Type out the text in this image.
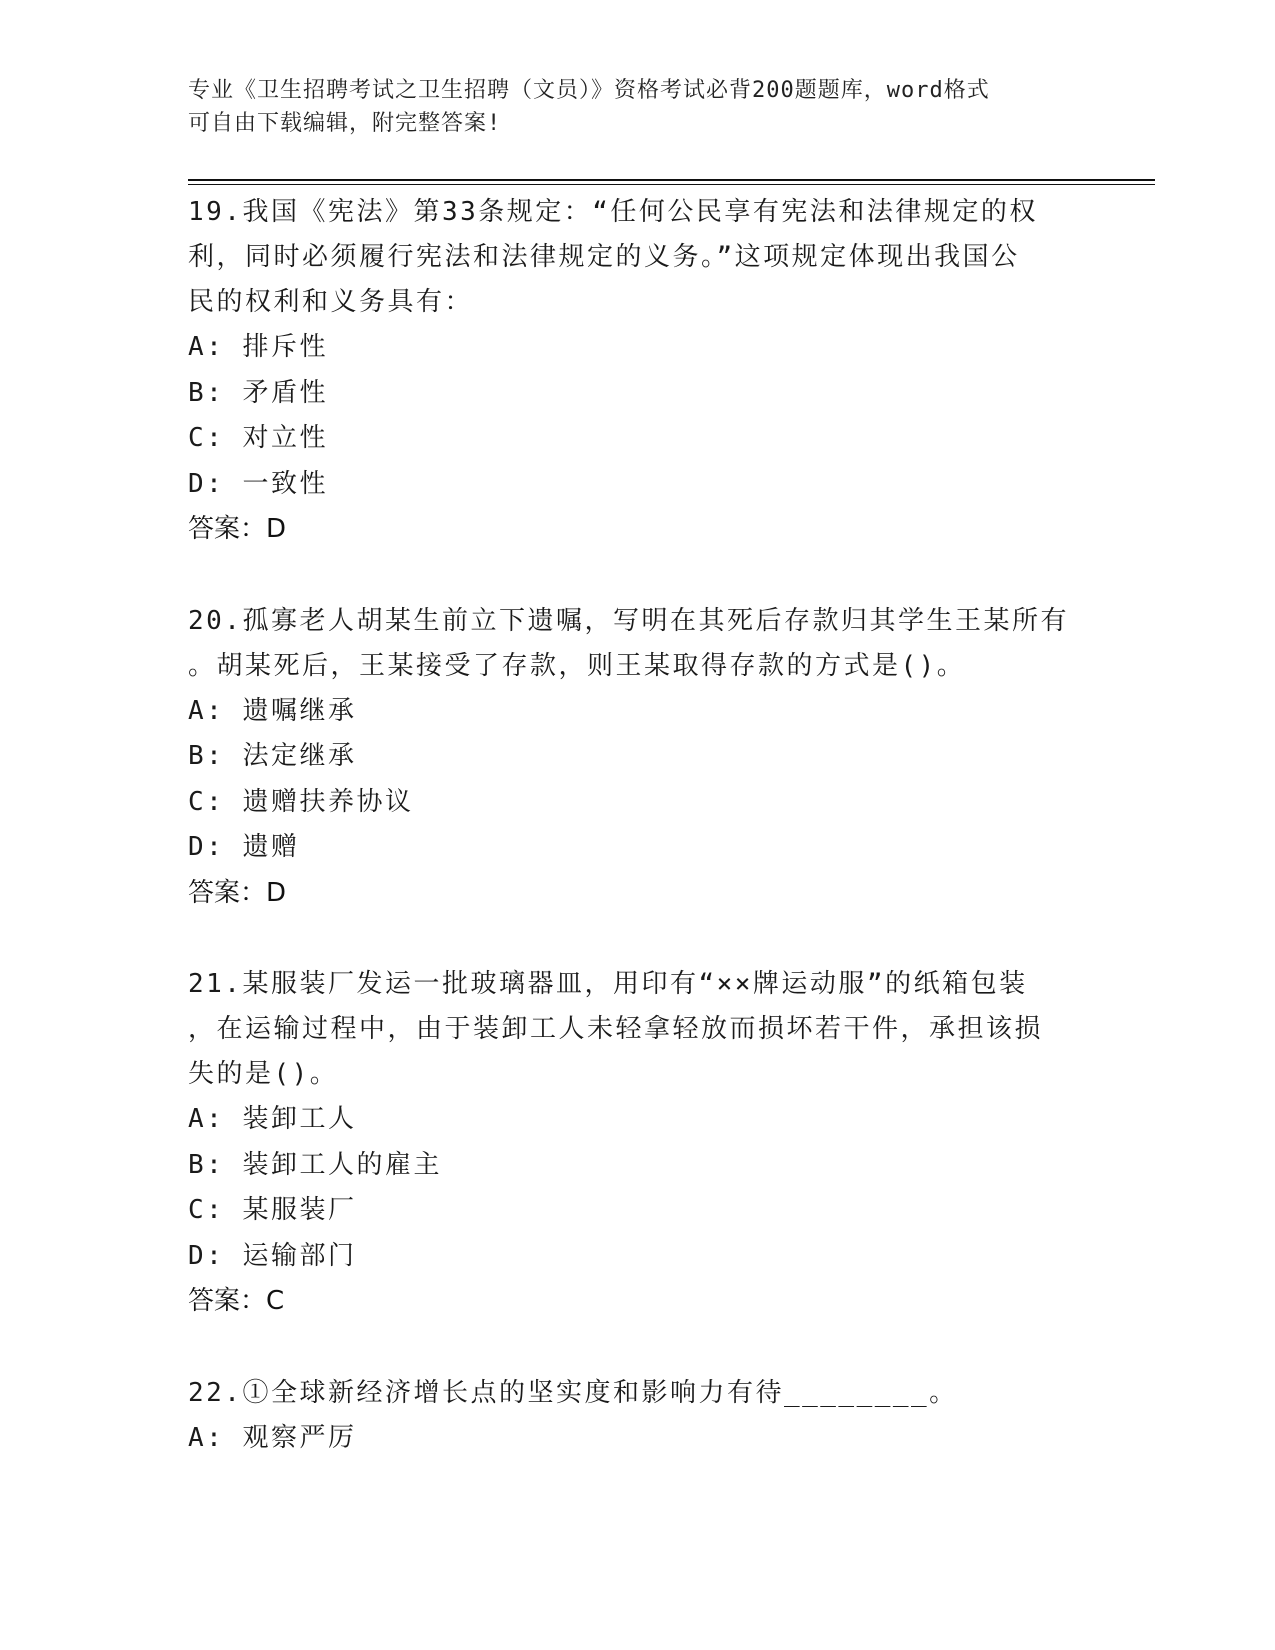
专业《卫生招聘考试之卫生招聘（文员）》资格考试必背200题题库，word格式
可自由下载编辑，附完整答案!
19.我国《宪法》第33条规定：“任何公民享有宪法和法律规定的权
利，同时必须履行宪法和法律规定的义务。”这项规定体现出我国公
民的权利和义务具有：
A: 排斥性
B: 矛盾性
C: 对立性
D: 一致性
答案：D
20.孤寡老人胡某生前立下遗嘱，写明在其死后存款归其学生王某所有
。胡某死后，王某接受了存款，则王某取得存款的方式是()。
A: 遗嘱继承
B: 法定继承
C: 遗赠扶养协议
D: 遗赠
答案：D
21.某服装厂发运一批玻璃器皿，用印有“××牌运动服”的纸箱包装
，在运输过程中，由于装卸工人未轻拿轻放而损坏若干件，承担该损
失的是()。
A: 装卸工人
B: 装卸工人的雇主
C: 某服装厂
D: 运输部门
答案：C
22.①全球新经济增长点的坚实度和影响力有待________。
A: 观察严厉
